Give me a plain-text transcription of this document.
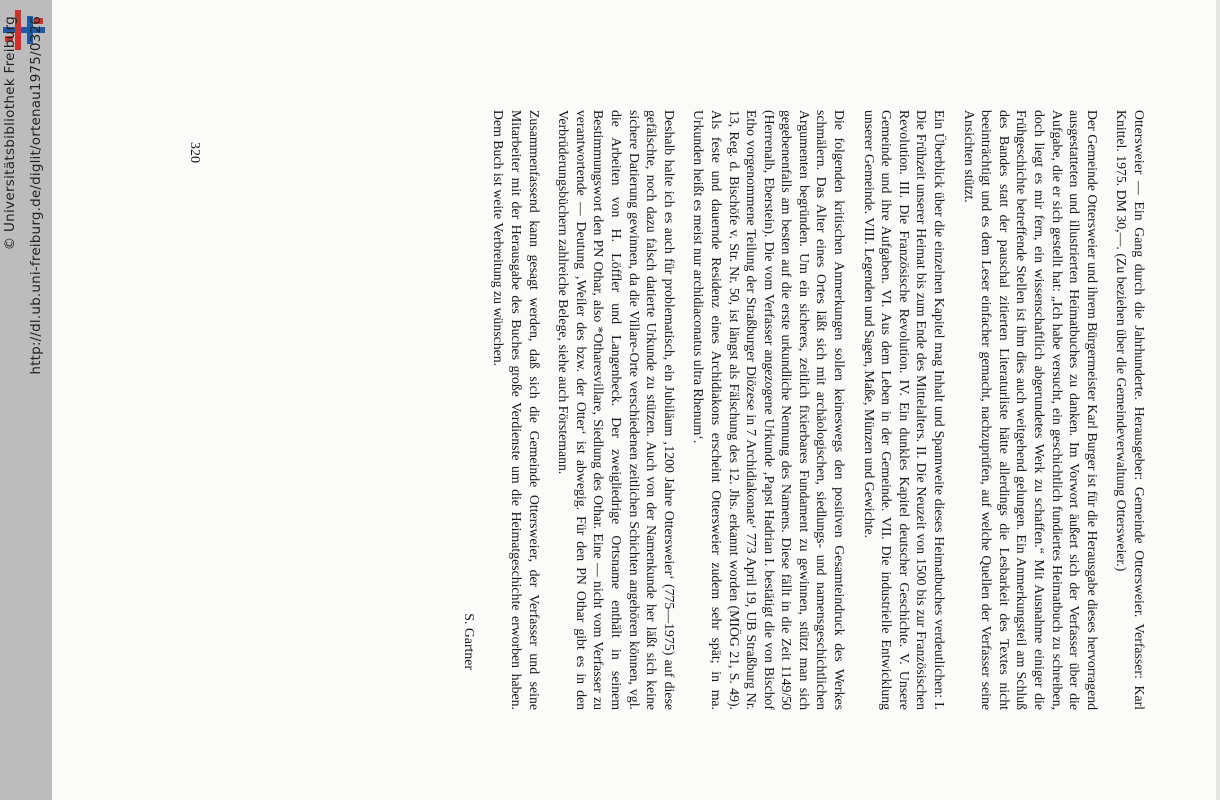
http://dl.ub.uni-freiburg.de/diglit/ortenau1975/0326
© Universitätsbibliothek Freiburg	Ottersweier — Ein Gang durch die Jahrhunderte. Herausgeber: Gemeinde Ottersweier. Verfasser: Karl Knittel. 1975. DM 30,—. (Zu beziehen über die Gemeindeverwaltung Ottersweier.)

Der Gemeinde Ottersweier und ihrem Bürgermeister Karl Burger ist für die Herausgabe dieses hervorragend ausgestatteten und illustrierten Heimatbuches zu danken. Im Vorwort äußert sich der Verfasser über die Aufgabe, die er sich gestellt hat: „Ich habe versucht, ein geschichtlich fundiertes Heimatbuch zu schreiben, doch liegt es mir fern, ein wissenschaftlich abgerundetes Werk zu schaffen.“ Mit Ausnahme einiger die Frühgeschichte betreffende Stellen ist ihm dies auch weitgehend gelungen. Ein Anmerkungsteil am Schluß des Bandes statt der pauschal zitierten Literaturliste hätte allerdings die Lesbarkeit des Textes nicht beeinträchtigt und es dem Leser einfacher gemacht, nachzuprüfen, auf welche Quellen der Verfasser seine Ansichten stützt.

Ein Überblick über die einzelnen Kapitel mag Inhalt und Spannweite dieses Heimatbuches verdeutlichen: I. Die Frühzeit unserer Heimat bis zum Ende des Mittelalters. II. Die Neuzeit von 1500 bis zur Französischen Revolution. III. Die Französische Revolution. IV. Ein dunkles Kapitel deutscher Geschichte. V. Unsere Gemeinde und ihre Aufgaben. VI. Aus dem Leben in der Gemeinde. VII. Die industrielle Entwicklung unserer Gemeinde. VIII. Legenden und Sagen, Maße, Münzen und Gewichte.

Die folgenden kritischen Anmerkungen sollen keineswegs den positiven Gesamteindruck des Werkes schmälern. Das Alter eines Ortes läßt sich mit archäologischen, siedlungs- und namensgeschichtlichen Argumenten begründen. Um ein sicheres, zeitlich fixierbares Fundament zu gewinnen, stützt man sich gegebenenfalls am besten auf die erste urkundliche Nennung des Namens. Diese fällt in die Zeit 1149/50 (Herrenalb, Eberstein). Die vom Verfasser angezogene Urkunde ‚Papst Hadrian I. bestätigt die von Bischof Etho vorgenommene Teilung der Straßburger Diözese in 7 Archidiakonate‘ 773 April 19, UB Straßburg Nr. 13, Reg. d. Bischöfe v. Str. Nr. 50, ist längst als Fälschung des 12. Jhs. erkannt worden (MIÖG 21, S. 49). Als feste und dauernde Residenz eines Archidiakons erscheint Ottersweier zudem sehr spät; in ma. Urkunden heißt es meist nur archidiaconatus ultra Rhenum‘.

Deshalb halte ich es auch für problematisch, ein Jubiläum ‚1200 Jahre Ottersweier‘ (775—1975) auf diese gefälschte, noch dazu falsch datierte Urkunde zu stützen. Auch von der Namenkunde her läßt sich keine sichere Datierung gewinnen, da die Villare-Orte verschiedenen zeitlichen Schichten angehören können, vgl. die Arbeiten von H. Löffler und Langenbeck. Der zweigliedrige Ortsname enthält in seinem Bestimmungswort den PN Othar, also *Otharesvillare, Siedlung des Othar. Eine — nicht vom Verfasser zu verantwortende — Deutung ‚Weiler des bzw. der Otter‘ ist abwegig. Für den PN Othar gibt es in den Verbrüderungsbüchern zahlreiche Belege, siehe auch Förstemann.

Zusammenfassend kann gesagt werden, daß sich die Gemeinde Ottersweier, der Verfasser und seine Mitarbeiter mit der Herausgabe des Buches große Verdienste um die Heimatgeschichte erworben haben. Dem Buch ist weite Verbreitung zu wünschen.

S. Gartner
320
